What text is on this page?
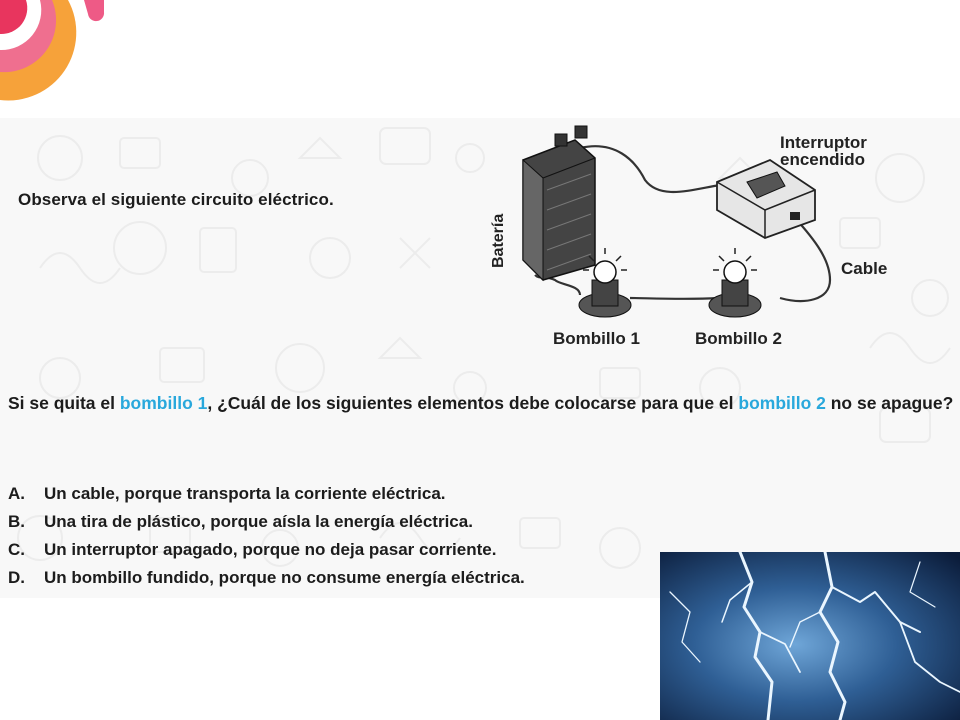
Observa el siguiente circuito eléctrico.
Batería
Interruptor
encendido
Cable
Bombillo 1	Bombillo 2
Si se quita el bombillo 1, ¿Cuál de los siguientes elementos debe colocarse para que el bombillo 2 no se apague?
A.	Un cable, porque transporta la corriente eléctrica.
B.	Una tira de plástico, porque aísla la energía eléctrica.
C.	Un interruptor apagado, porque no deja pasar corriente.
D.	Un bombillo fundido, porque no consume energía eléctrica.
